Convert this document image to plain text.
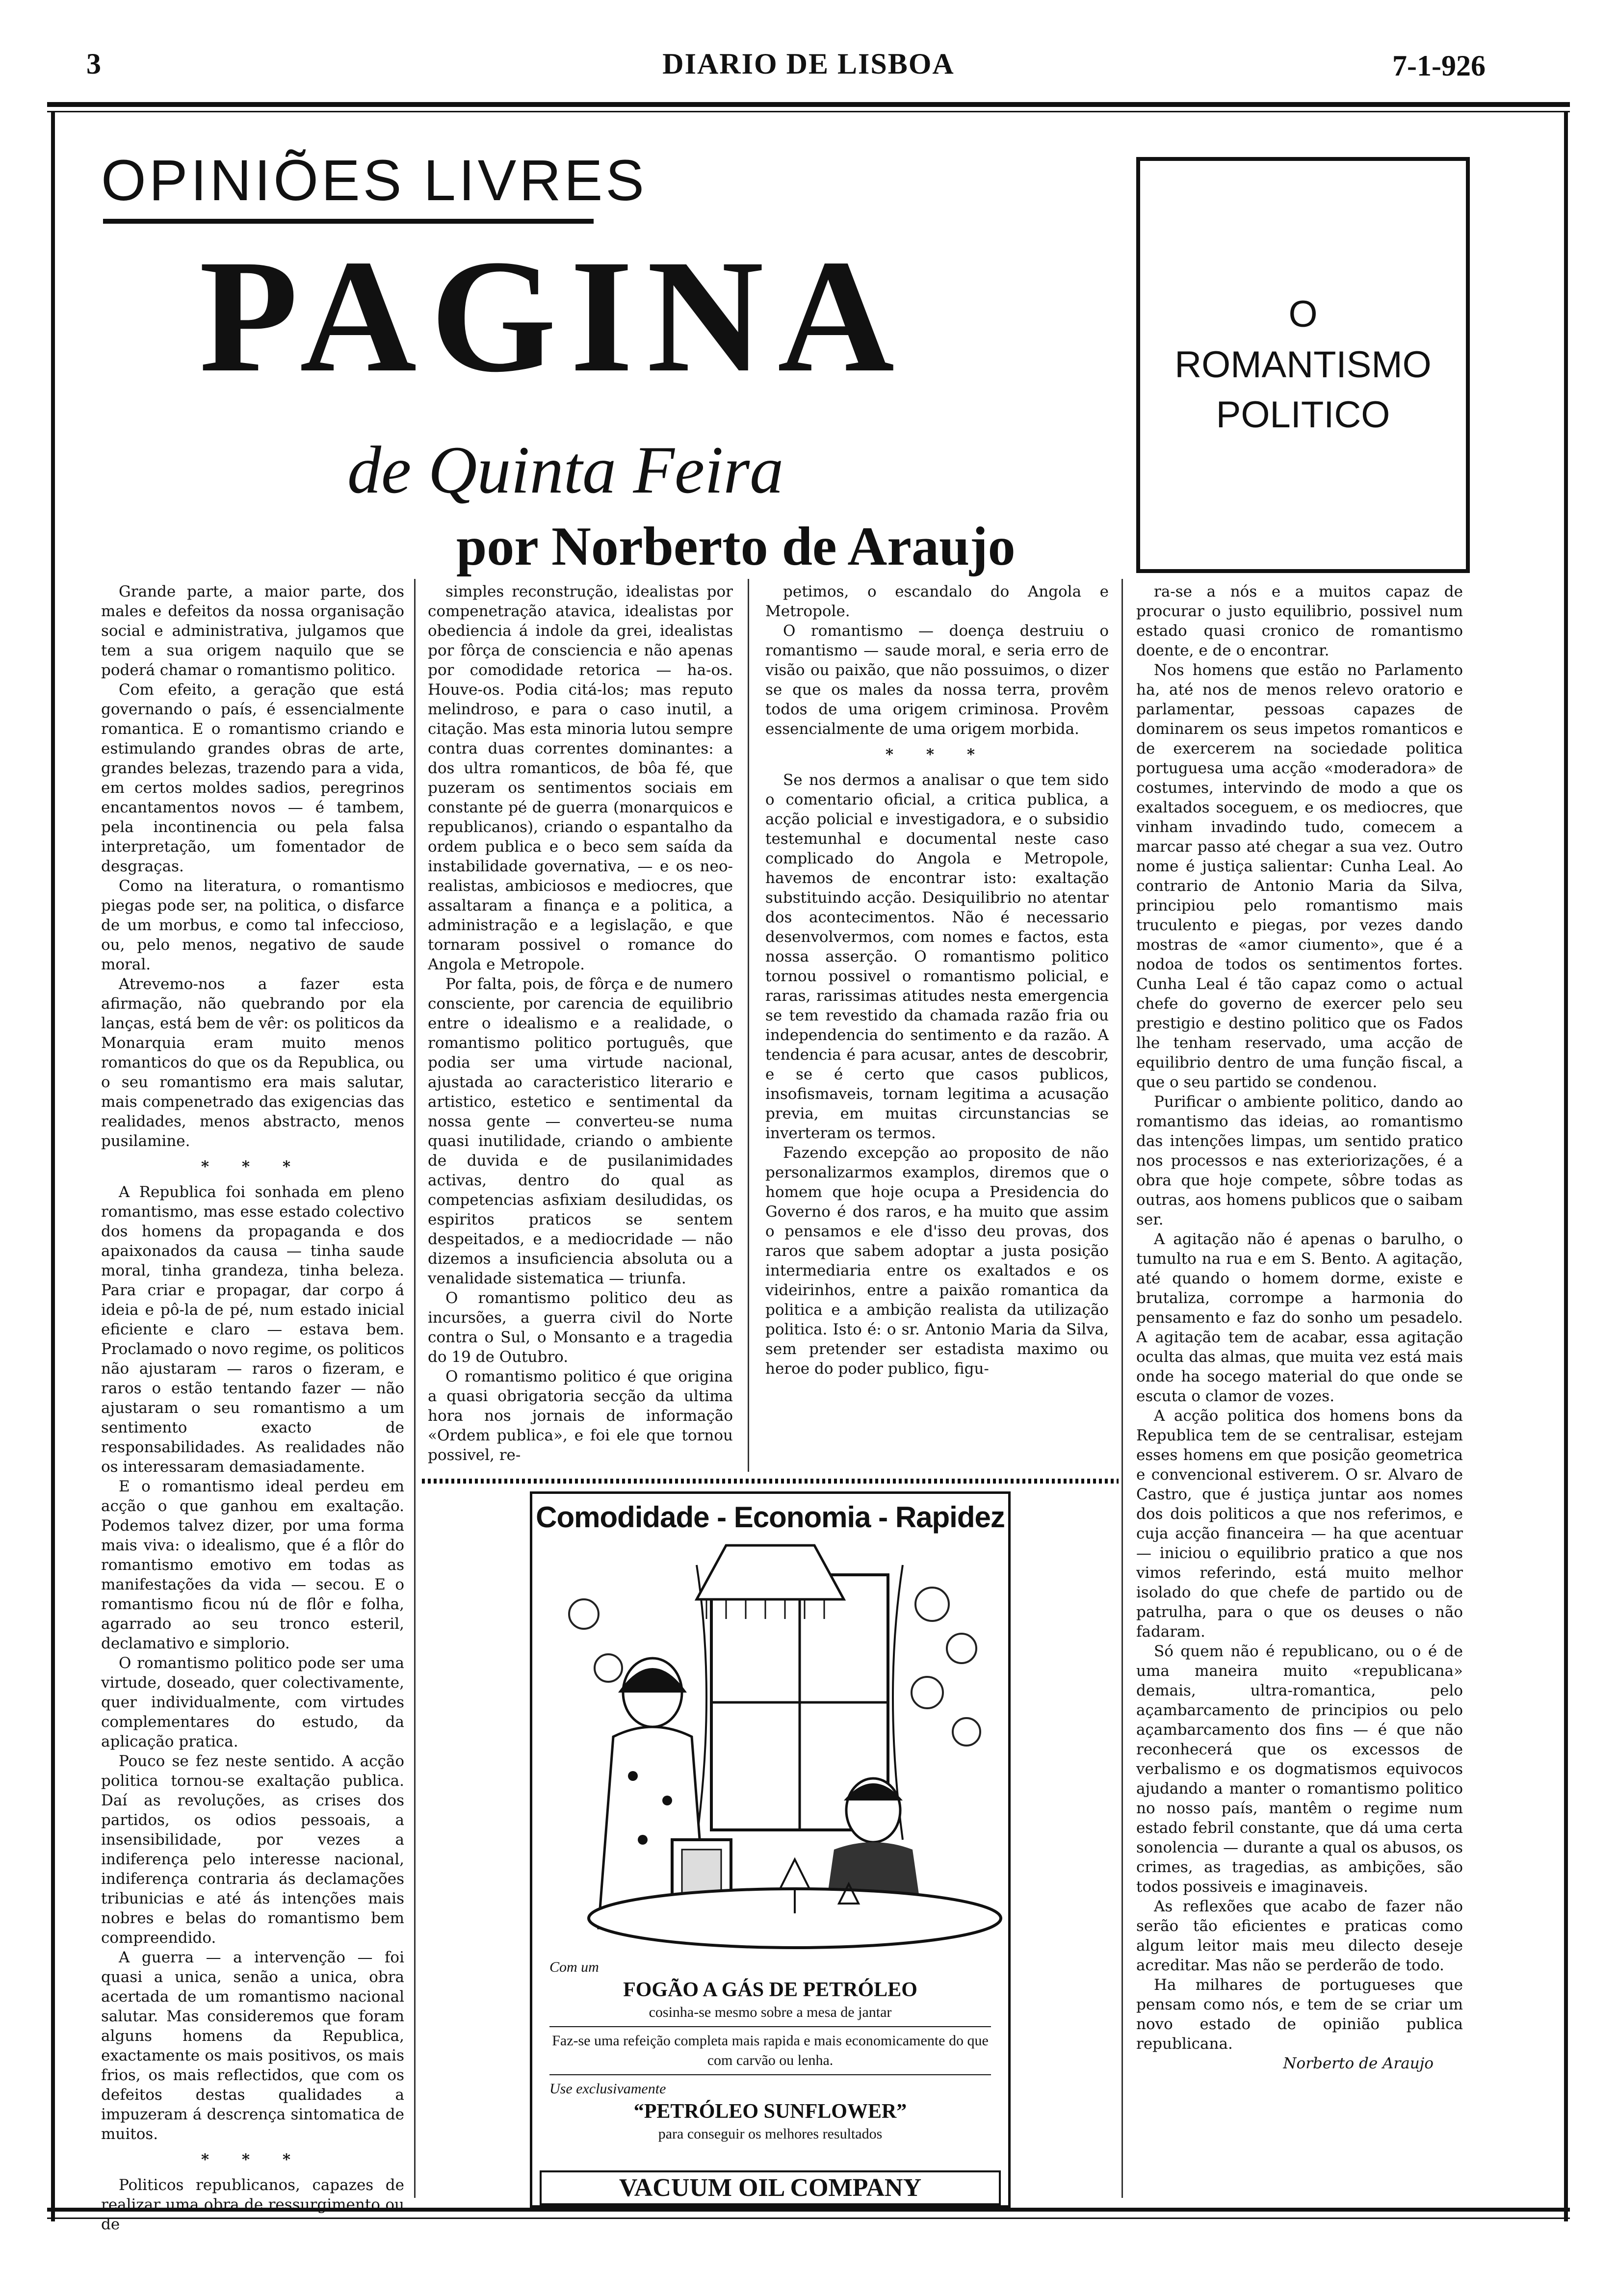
3	DIARIO DE LISBOA	7-1-926
OPINIÕES LIVRES
PAGINA
de Quinta Feira
por Norberto de Araujo
O
ROMANTISMO
POLITICO

Grande parte, a maior parte, dos males e defeitos da nossa organisação social e administrativa, julgamos que tem a sua origem naquilo que se poderá chamar o romantismo politico.

Com efeito, a geração que está governando o país, é essencialmente romantica. E o romantismo criando e estimulando grandes obras de arte, grandes belezas, trazendo para a vida, em certos moldes sadios, peregrinos encantamentos novos — é tambem, pela incontinencia ou pela falsa interpretação, um fomentador de desgraças.

Como na literatura, o romantismo piegas pode ser, na politica, o disfarce de um morbus, e como tal infeccioso, ou, pelo menos, negativo de saude moral.

Atrevemo-nos a fazer esta afirmação, não quebrando por ela lanças, está bem de vêr: os politicos da Monarquia eram muito menos romanticos do que os da Republica, ou o seu romantismo era mais salutar, mais compenetrado das exigencias das realidades, menos abstracto, menos pusilamine.

* * *

A Republica foi sonhada em pleno romantismo, mas esse estado colectivo dos homens da propaganda e dos apaixonados da causa — tinha saude moral, tinha grandeza, tinha beleza. Para criar e propagar, dar corpo á ideia e pô-la de pé, num estado inicial eficiente e claro — estava bem. Proclamado o novo regime, os politicos não ajustaram — raros o fizeram, e raros o estão tentando fazer — não ajustaram o seu romantismo a um sentimento exacto de responsabilidades. As realidades não os interessaram demasiadamente.

E o romantismo ideal perdeu em acção o que ganhou em exaltação. Podemos talvez dizer, por uma forma mais viva: o idealismo, que é a flôr do romantismo emotivo em todas as manifestações da vida — secou. E o romantismo ficou nú de flôr e folha, agarrado ao seu tronco esteril, declamativo e simplorio.

O romantismo politico pode ser uma virtude, doseado, quer colectivamente, quer individualmente, com virtudes complementares do estudo, da aplicação pratica.

Pouco se fez neste sentido. A acção politica tornou-se exaltação publica. Daí as revoluções, as crises dos partidos, os odios pessoais, a insensibilidade, por vezes a indiferença pelo interesse nacional, indiferença contraria ás declamações tribunicias e até ás intenções mais nobres e belas do romantismo bem compreendido.

A guerra — a intervenção — foi quasi a unica, senão a unica, obra acertada de um romantismo nacional salutar. Mas consideremos que foram alguns homens da Republica, exactamente os mais positivos, os mais frios, os mais reflectidos, que com os defeitos destas qualidades a impuzeram á descrença sintomatica de muitos.

* * *

Politicos republicanos, capazes de realizar uma obra de ressurgimento ou de

simples reconstrução, idealistas por compenetração atavica, idealistas por obediencia á indole da grei, idealistas por fôrça de consciencia e não apenas por comodidade retorica — ha-os. Houve-os. Podia citá-los; mas reputo melindroso, e para o caso inutil, a citação. Mas esta minoria lutou sempre contra duas correntes dominantes: a dos ultra romanticos, de bôa fé, que puzeram os sentimentos sociais em constante pé de guerra (monarquicos e republicanos), criando o espantalho da ordem publica e o beco sem saída da instabilidade governativa, — e os neo-realistas, ambiciosos e mediocres, que assaltaram a finança e a politica, a administração e a legislação, e que tornaram possivel o romance do Angola e Metropole.

Por falta, pois, de fôrça e de numero consciente, por carencia de equilibrio entre o idealismo e a realidade, o romantismo politico português, que podia ser uma virtude nacional, ajustada ao caracteristico literario e artistico, estetico e sentimental da nossa gente — converteu-se numa quasi inutilidade, criando o ambiente de duvida e de pusilanimidades activas, dentro do qual as competencias asfixiam desiludidas, os espiritos praticos se sentem despeitados, e a mediocridade — não dizemos a insuficiencia absoluta ou a venalidade sistematica — triunfa.

O romantismo politico deu as incursões, a guerra civil do Norte contra o Sul, o Monsanto e a tragedia do 19 de Outubro.

O romantismo politico é que origina a quasi obrigatoria secção da ultima hora nos jornais de informação «Ordem publica», e foi ele que tornou possivel, re-

petimos, o escandalo do Angola e Metropole.

O romantismo — doença destruiu o romantismo — saude moral, e seria erro de visão ou paixão, que não possuimos, o dizer se que os males da nossa terra, provêm todos de uma origem criminosa. Provêm essencialmente de uma origem morbida.

* * *

Se nos dermos a analisar o que tem sido o comentario oficial, a critica publica, a acção policial e investigadora, e o subsidio testemunhal e documental neste caso complicado do Angola e Metropole, havemos de encontrar isto: exaltação substituindo acção. Desiquilibrio no atentar dos acontecimentos. Não é necessario desenvolvermos, com nomes e factos, esta nossa asserção. O romantismo politico tornou possivel o romantismo policial, e raras, rarissimas atitudes nesta emergencia se tem revestido da chamada razão fria ou independencia do sentimento e da razão. A tendencia é para acusar, antes de descobrir, e se é certo que casos publicos, insofismaveis, tornam legitima a acusação previa, em muitas circunstancias se inverteram os termos.

Fazendo excepção ao proposito de não personalizarmos examplos, diremos que o homem que hoje ocupa a Presidencia do Governo é dos raros, e ha muito que assim o pensamos e ele d'isso deu provas, dos raros que sabem adoptar a justa posição intermediaria entre os exaltados e os videirinhos, entre a paixão romantica da politica e a ambição realista da utilização politica. Isto é: o sr. Antonio Maria da Silva, sem pretender ser estadista maximo ou heroe do poder publico, figu-

ra-se a nós e a muitos capaz de procurar o justo equilibrio, possivel num estado quasi cronico de romantismo doente, e de o encontrar.

Nos homens que estão no Parlamento ha, até nos de menos relevo oratorio e parlamentar, pessoas capazes de dominarem os seus impetos romanticos e de exercerem na sociedade politica portuguesa uma acção «moderadora» de costumes, intervindo de modo a que os exaltados soceguem, e os mediocres, que vinham invadindo tudo, comecem a marcar passo até chegar a sua vez. Outro nome é justiça salientar: Cunha Leal. Ao contrario de Antonio Maria da Silva, principiou pelo romantismo mais truculento e piegas, por vezes dando mostras de «amor ciumento», que é a nodoa de todos os sentimentos fortes. Cunha Leal é tão capaz como o actual chefe do governo de exercer pelo seu prestigio e destino politico que os Fados lhe tenham reservado, uma acção de equilibrio dentro de uma função fiscal, a que o seu partido se condenou.

Purificar o ambiente politico, dando ao romantismo das ideias, ao romantismo das intenções limpas, um sentido pratico nos processos e nas exteriorizações, é a obra que hoje compete, sôbre todas as outras, aos homens publicos que o saibam ser.

A agitação não é apenas o barulho, o tumulto na rua e em S. Bento. A agitação, até quando o homem dorme, existe e brutaliza, corrompe a harmonia do pensamento e faz do sonho um pesadelo. A agitação tem de acabar, essa agitação oculta das almas, que muita vez está mais onde ha socego material do que onde se escuta o clamor de vozes.

A acção politica dos homens bons da Republica tem de se centralisar, estejam esses homens em que posição geometrica e convencional estiverem. O sr. Alvaro de Castro, que é justiça juntar aos nomes dos dois politicos a que nos referimos, e cuja acção financeira — ha que acentuar — iniciou o equilibrio pratico a que nos vimos referindo, está muito melhor isolado do que chefe de partido ou de patrulha, para o que os deuses o não fadaram.

Só quem não é republicano, ou o é de uma maneira muito «republicana» demais, ultra-romantica, pelo açambarcamento de principios ou pelo açambarcamento dos fins — é que não reconhecerá que os excessos de verbalismo e os dogmatismos equivocos ajudando a manter o romantismo politico no nosso país, mantêm o regime num estado febril constante, que dá uma certa sonolencia — durante a qual os abusos, os crimes, as tragedias, as ambições, são todos possiveis e imaginaveis.

As reflexões que acabo de fazer não serão tão eficientes e praticas como algum leitor mais meu dilecto deseje acreditar. Mas não se perderão de todo.

Ha milhares de portugueses que pensam como nós, e tem de se criar um novo estado de opinião publica republicana.

Norberto de Araujo

Comodidade - Economia - Rapidez
Com um
FOGÃO A GÁS DE PETRÓLEO
cosinha-se mesmo sobre a mesa de jantar
Faz-se uma refeição completa mais rapida e mais economicamente do que com carvão ou lenha.
Use exclusivamente
“PETRÓLEO SUNFLOWER”
para conseguir os melhores resultados
VACUUM OIL COMPANY
